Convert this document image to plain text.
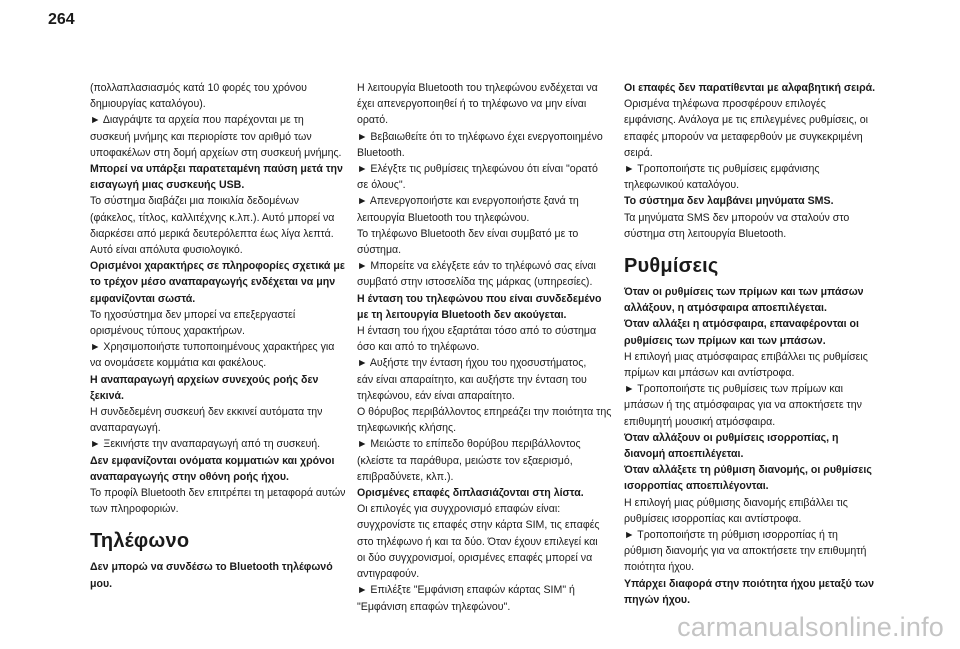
264

(πολλαπλασιασμός κατά 10 φορές του χρόνου

δημιουργίας καταλόγου).

► Διαγράψτε τα αρχεία που παρέχονται με τη

συσκευή μνήμης και περιορίστε τον αριθμό των

υποφακέλων στη δομή αρχείων στη συσκευή μνήμης.

Μπορεί να υπάρξει παρατεταμένη παύση μετά την

εισαγωγή μιας συσκευής USB.

Το σύστημα διαβάζει μια ποικιλία δεδομένων

(φάκελος, τίτλος, καλλιτέχνης κ.λπ.). Αυτό μπορεί να

διαρκέσει από μερικά δευτερόλεπτα έως λίγα λεπτά.

Αυτό είναι απόλυτα φυσιολογικό.

Ορισμένοι χαρακτήρες σε πληροφορίες σχετικά με

το τρέχον μέσο αναπαραγωγής ενδέχεται να μην

εμφανίζονται σωστά.

Το ηχοσύστημα δεν μπορεί να επεξεργαστεί

ορισμένους τύπους χαρακτήρων.

► Χρησιμοποιήστε τυποποιημένους χαρακτήρες για

να ονομάσετε κομμάτια και φακέλους.

Η αναπαραγωγή αρχείων συνεχούς ροής δεν

ξεκινά.

Η συνδεδεμένη συσκευή δεν εκκινεί αυτόματα την

αναπαραγωγή.

► Ξεκινήστε την αναπαραγωγή από τη συσκευή.

Δεν εμφανίζονται ονόματα κομματιών και χρόνοι

αναπαραγωγής στην οθόνη ροής ήχου.

Το προφίλ Bluetooth δεν επιτρέπει τη μεταφορά αυτών

των πληροφοριών.

Τηλέφωνο

Δεν μπορώ να συνδέσω το Bluetooth τηλέφωνό

μου.

Η λειτουργία Bluetooth του τηλεφώνου ενδέχεται να

έχει απενεργοποιηθεί ή το τηλέφωνο να μην είναι

ορατό.

► Βεβαιωθείτε ότι το τηλέφωνο έχει ενεργοποιημένο

Bluetooth.

► Ελέγξτε τις ρυθμίσεις τηλεφώνου ότι είναι "ορατό

σε όλους".

► Απενεργοποιήστε και ενεργοποιήστε ξανά τη

λειτουργία Bluetooth του τηλεφώνου.

Το τηλέφωνο Bluetooth δεν είναι συμβατό με το

σύστημα.

► Μπορείτε να ελέγξετε εάν το τηλέφωνό σας είναι

συμβατό στην ιστοσελίδα της μάρκας (υπηρεσίες).

Η ένταση του τηλεφώνου που είναι συνδεδεμένο

με τη λειτουργία Bluetooth δεν ακούγεται.

Η ένταση του ήχου εξαρτάται τόσο από το σύστημα

όσο και από το τηλέφωνο.

► Αυξήστε την ένταση ήχου του ηχοσυστήματος,

εάν είναι απαραίτητο, και αυξήστε την ένταση του

τηλεφώνου, εάν είναι απαραίτητο.

Ο θόρυβος περιβάλλοντος επηρεάζει την ποιότητα της

τηλεφωνικής κλήσης.

► Μειώστε το επίπεδο θορύβου περιβάλλοντος

(κλείστε τα παράθυρα, μειώστε τον εξαερισμό,

επιβραδύνετε, κλπ.).

Ορισμένες επαφές διπλασιάζονται στη λίστα.

Οι επιλογές για συγχρονισμό επαφών είναι:

συγχρονίστε τις επαφές στην κάρτα SIM, τις επαφές

στο τηλέφωνο ή και τα δύο. Όταν έχουν επιλεγεί και

οι δύο συγχρονισμοί, ορισμένες επαφές μπορεί να

αντιγραφούν.

► Επιλέξτε "Εμφάνιση επαφών κάρτας SIM" ή

"Εμφάνιση επαφών τηλεφώνου".

Οι επαφές δεν παρατίθενται με αλφαβητική σειρά.

Ορισμένα τηλέφωνα προσφέρουν επιλογές

εμφάνισης. Ανάλογα με τις επιλεγμένες ρυθμίσεις, οι

επαφές μπορούν να μεταφερθούν με συγκεκριμένη

σειρά.

► Τροποποιήστε τις ρυθμίσεις εμφάνισης

τηλεφωνικού καταλόγου.

Το σύστημα δεν λαμβάνει μηνύματα SMS.

Τα μηνύματα SMS δεν μπορούν να σταλούν στο

σύστημα στη λειτουργία Bluetooth.

Ρυθμίσεις

Όταν οι ρυθμίσεις των πρίμων και των μπάσων

αλλάξουν, η ατμόσφαιρα αποεπιλέγεται.

Όταν αλλάξει η ατμόσφαιρα, επαναφέρονται οι

ρυθμίσεις των πρίμων και των μπάσων.

Η επιλογή μιας ατμόσφαιρας επιβάλλει τις ρυθμίσεις

πρίμων και μπάσων και αντίστροφα.

► Τροποποιήστε τις ρυθμίσεις των πρίμων και

μπάσων ή της ατμόσφαιρας για να αποκτήσετε την

επιθυμητή μουσική ατμόσφαιρα.

Όταν αλλάξουν οι ρυθμίσεις ισορροπίας, η

διανομή αποεπιλέγεται.

Όταν αλλάξετε τη ρύθμιση διανομής, οι ρυθμίσεις

ισορροπίας αποεπιλέγονται.

Η επιλογή μιας ρύθμισης διανομής επιβάλλει τις

ρυθμίσεις ισορροπίας και αντίστροφα.

► Τροποποιήστε τη ρύθμιση ισορροπίας ή τη

ρύθμιση διανομής για να αποκτήσετε την επιθυμητή

ποιότητα ήχου.

Υπάρχει διαφορά στην ποιότητα ήχου μεταξύ των

πηγών ήχου.

carmanualsonline.info
